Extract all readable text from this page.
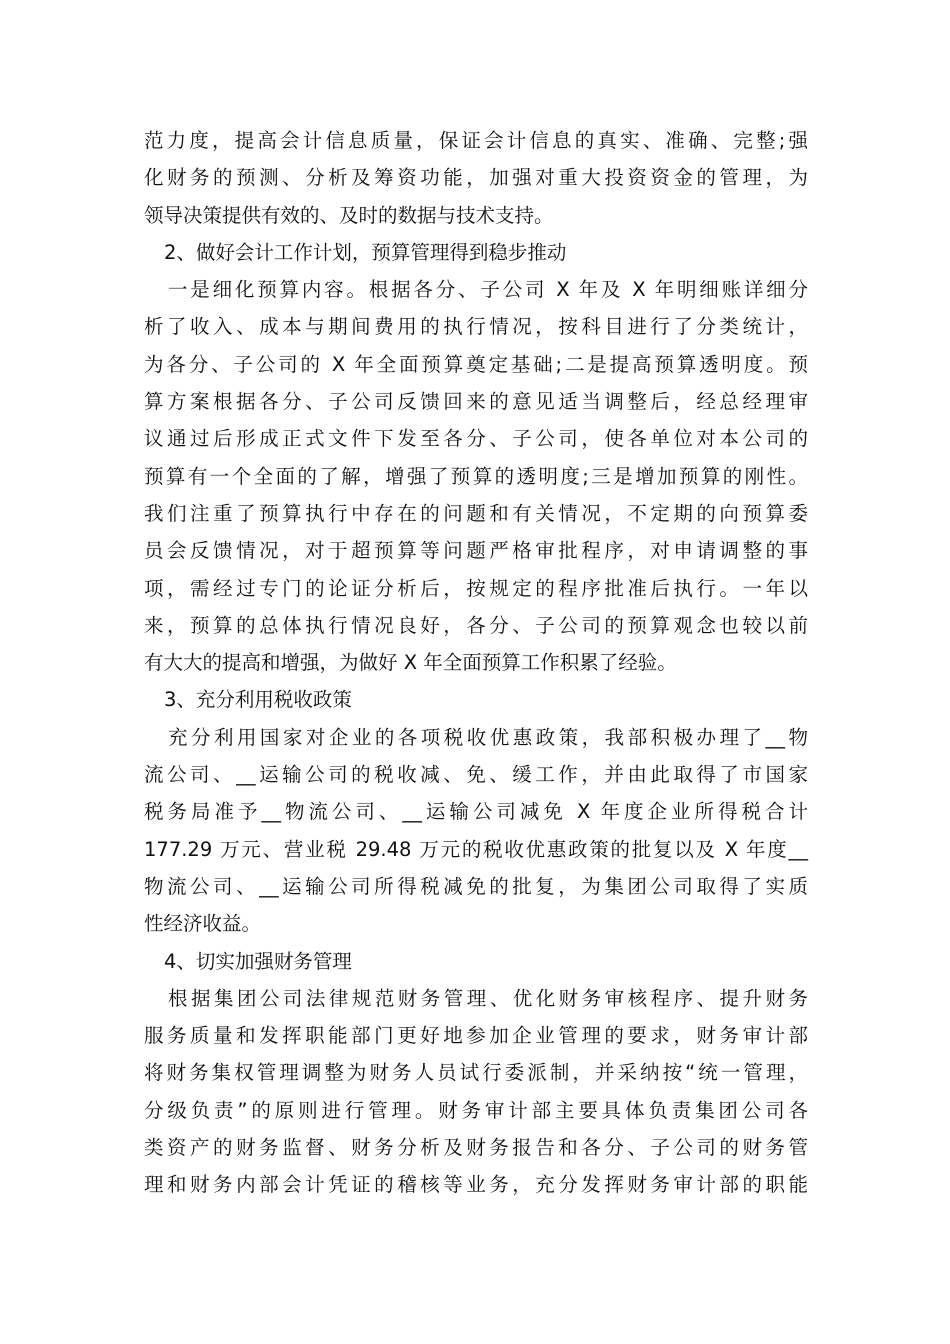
范力度，提高会计信息质量，保证会计信息的真实、准确、完整;强
化财务的预测、分析及筹资功能，加强对重大投资资金的管理，为
领导决策提供有效的、及时的数据与技术支持。
2、做好会计工作计划，预算管理得到稳步推动
一是细化预算内容。根据各分、子公司 X 年及 X 年明细账详细分
析了收入、成本与期间费用的执行情况，按科目进行了分类统计，
为各分、子公司的 X 年全面预算奠定基础;二是提高预算透明度。预
算方案根据各分、子公司反馈回来的意见适当调整后，经总经理审
议通过后形成正式文件下发至各分、子公司，使各单位对本公司的
预算有一个全面的了解，增强了预算的透明度;三是增加预算的刚性。
我们注重了预算执行中存在的问题和有关情况，不定期的向预算委
员会反馈情况，对于超预算等问题严格审批程序，对申请调整的事
项，需经过专门的论证分析后，按规定的程序批准后执行。一年以
来，预算的总体执行情况良好，各分、子公司的预算观念也较以前
有大大的提高和增强，为做好 X 年全面预算工作积累了经验。
3、充分利用税收政策
充分利用国家对企业的各项税收优惠政策，我部积极办理了__物
流公司、__运输公司的税收减、免、缓工作，并由此取得了市国家
税务局准予__物流公司、__运输公司减免 X 年度企业所得税合计
177.29 万元、营业税 29.48 万元的税收优惠政策的批复以及 X 年度__
物流公司、__运输公司所得税减免的批复，为集团公司取得了实质
性经济收益。
4、切实加强财务管理
根据集团公司法律规范财务管理、优化财务审核程序、提升财务
服务质量和发挥职能部门更好地参加企业管理的要求，财务审计部
将财务集权管理调整为财务人员试行委派制，并采纳按“统一管理，
分级负责”的原则进行管理。财务审计部主要具体负责集团公司各
类资产的财务监督、财务分析及财务报告和各分、子公司的财务管
理和财务内部会计凭证的稽核等业务，充分发挥财务审计部的职能
